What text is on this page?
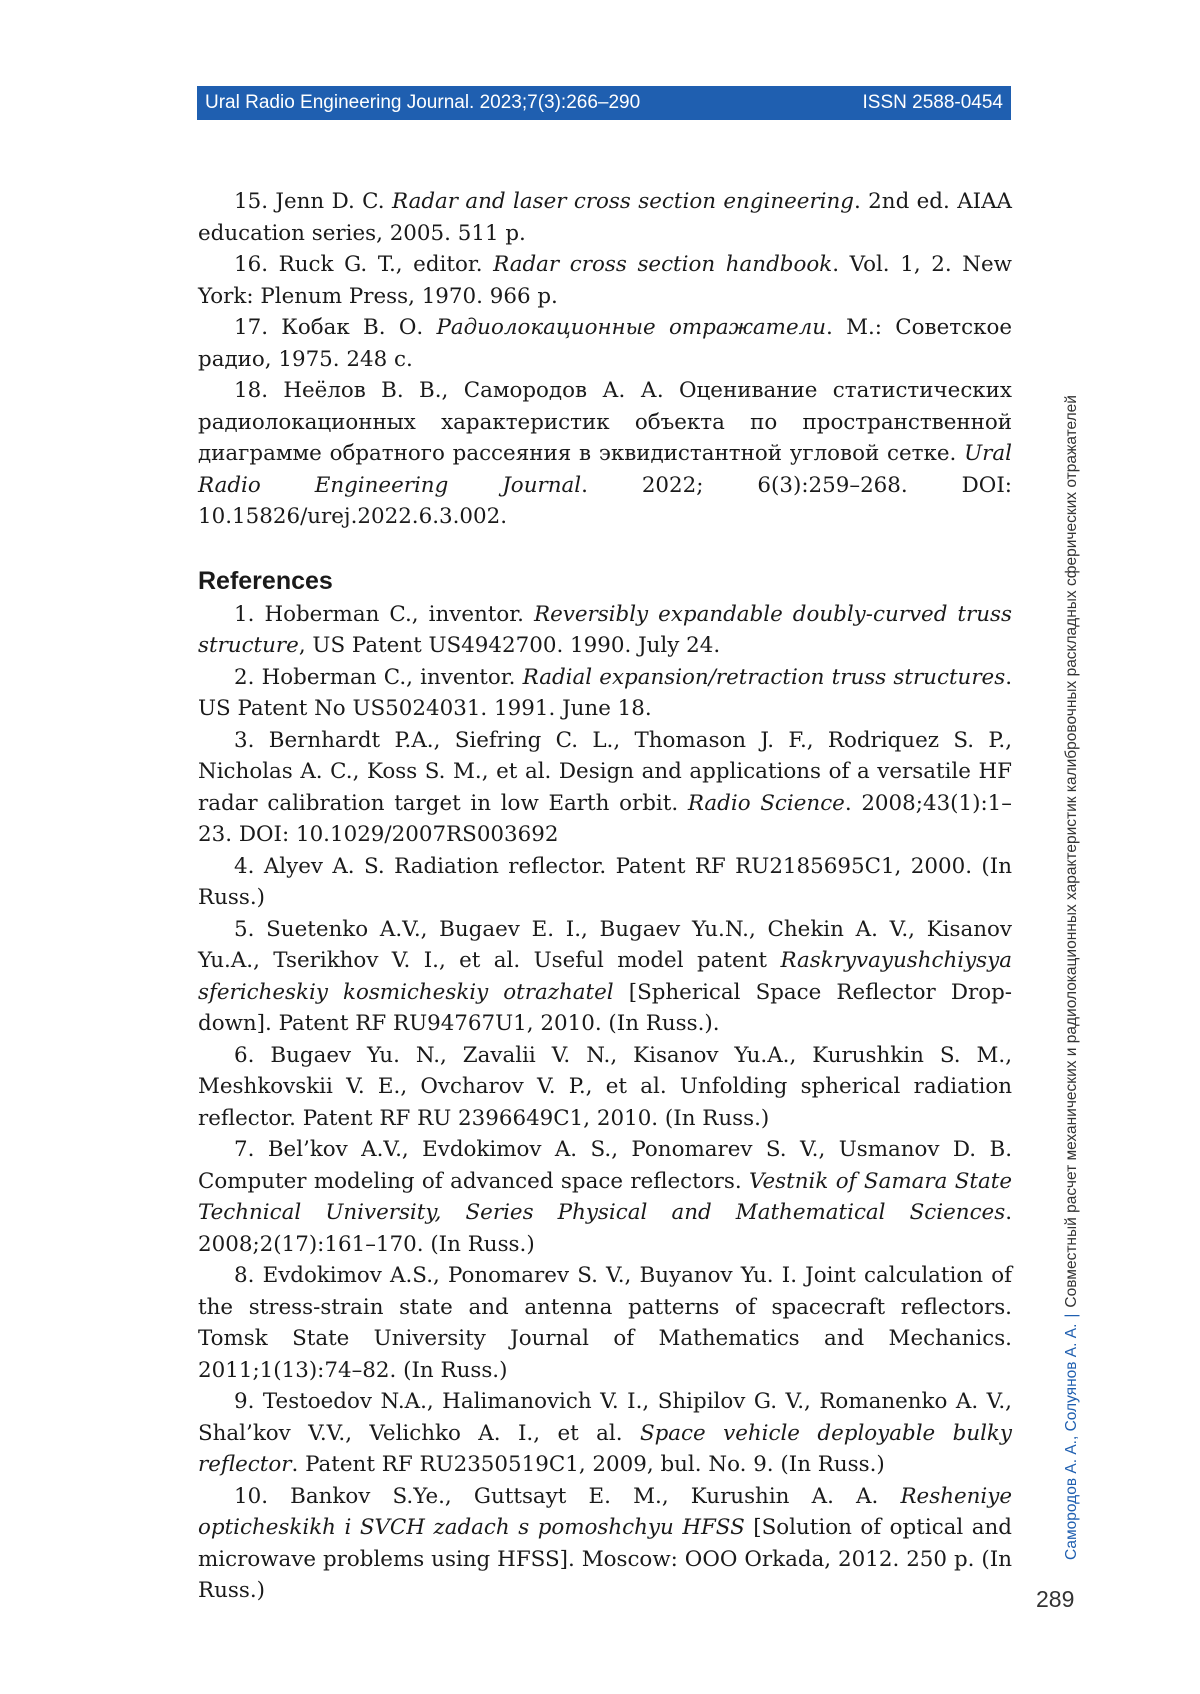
Ural Radio Engineering Journal. 2023;7(3):266–290	ISSN 2588-0454

15. Jenn D. C. Radar and laser cross section engineering. 2nd ed. AIAA education series, 2005. 511 p.

16. Ruck G. T., editor. Radar cross section handbook. Vol. 1, 2. New York: Plenum Press, 1970. 966 p.

17. Кобак В. О. Радиолокационные отражатели. М.: Советское радио, 1975. 248 с.

18. Неёлов В. В., Самородов А. А. Оценивание статистических радиолокационных характеристик объекта по пространственной диаграмме обратного рассеяния в эквидистантной угловой сетке. Ural Radio Engineering Journal. 2022; 6(3):259–268. DOI: 10.15826/urej.2022.6.3.002.

References

1. Hoberman C., inventor. Reversibly expandable doubly-curved truss structure, US Patent US4942700. 1990. July 24.

2. Hoberman C., inventor. Radial expansion/retraction truss structures. US Patent No US5024031. 1991. June 18.

3. Bernhardt P.A., Siefring C. L., Thomason J. F., Rodriquez S. P., Nicholas A. C., Koss S. M., et al. Design and applications of a versatile HF radar calibration target in low Earth orbit. Radio Science. 2008;43(1):1–23. DOI: 10.1029/2007RS003692

4. Alyev A. S. Radiation reflector. Patent RF RU2185695C1, 2000. (In Russ.)

5. Suetenko A.V., Bugaev E. I., Bugaev Yu.N., Chekin A. V., Kisanov Yu.A., Tserikhov V. I., et al. Useful model patent Raskryvayushchiysya sfericheskiy kosmicheskiy otrazhatel [Spherical Space Reflector Drop-down]. Patent RF RU94767U1, 2010. (In Russ.).

6. Bugaev Yu. N., Zavalii V. N., Kisanov Yu.A., Kurushkin S. M., Meshkovskii V. E., Ovcharov V. P., et al. Unfolding spherical radiation reflector. Patent RF RU 2396649C1, 2010. (In Russ.)

7. Bel’kov A.V., Evdokimov A. S., Ponomarev S. V., Usmanov D. B. Computer modeling of advanced space reflectors. Vestnik of Samara State Technical University, Series Physical and Mathematical Sciences. 2008;2(17):161–170. (In Russ.)

8. Evdokimov A.S., Ponomarev S. V., Buyanov Yu. I. Joint calculation of the stress-strain state and antenna patterns of spacecraft reflectors. Tomsk State University Journal of Mathematics and Mechanics. 2011;1(13):74–82. (In Russ.)

9. Testoedov N.A., Halimanovich V. I., Shipilov G. V., Romanenko A. V., Shal’kov V.V., Velichko A. I., et al. Space vehicle deployable bulky reflector. Patent RF RU2350519C1, 2009, bul. No. 9. (In Russ.)

10. Bankov S.Ye., Guttsayt E. M., Kurushin A. A. Resheniye opticheskikh i SVCH zadach s pomoshchyu HFSS [Solution of optical and microwave problems using HFSS]. Moscow: OOO Orkada, 2012. 250 p. (In Russ.)

Самородов А. А., Солуянов А. А.|Совместный расчет механических и радиолокационных характеристик калибровочных раскладных сферических отражателей
289
